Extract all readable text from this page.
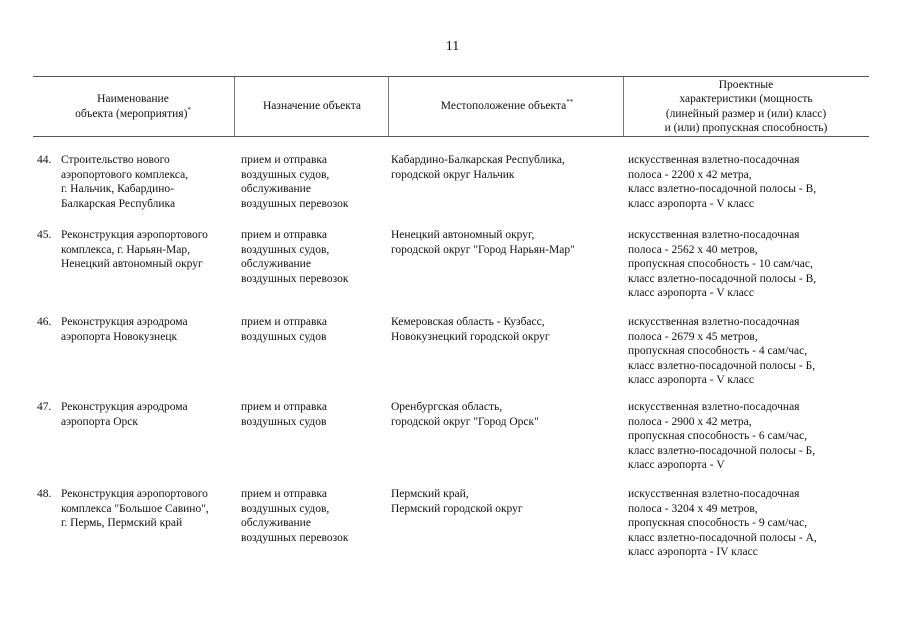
11
Наименование
объекта (мероприятия)*	Назначение объекта	Местоположение объекта**
Проектные
характеристики (мощность
(линейный размер и (или) класс)
и (или) пропускная способность)
44. Строительство нового
аэропортового комплекса,
г. Нальчик, Кабардино-
Балкарская Республика
прием и отправка
воздушных судов,
обслуживание
воздушных перевозок
Кабардино-Балкарская Республика,
городской округ Нальчик
искусственная взлетно-посадочная
полоса - 2200 х 42 метра,
класс взлетно-посадочной полосы - В,
класс аэропорта - V класс
45. Реконструкция аэропортового
комплекса, г. Нарьян-Мар,
Ненецкий автономный округ
прием и отправка
воздушных судов,
обслуживание
воздушных перевозок
Ненецкий автономный округ,
городской округ "Город Нарьян-Мар"
искусственная взлетно-посадочная
полоса - 2562 х 40 метров,
пропускная способность - 10 сам/час,
класс взлетно-посадочной полосы - В,
класс аэропорта - V класс
46. Реконструкция аэродрома
аэропорта Новокузнецк
прием и отправка
воздушных судов
Кемеровская область - Кузбасс,
Новокузнецкий городской округ
искусственная взлетно-посадочная
полоса - 2679 х 45 метров,
пропускная способность - 4 сам/час,
класс взлетно-посадочной полосы - Б,
класс аэропорта - V класс
47. Реконструкция аэродрома
аэропорта Орск
прием и отправка
воздушных судов
Оренбургская область,
городской округ "Город Орск"
искусственная взлетно-посадочная
полоса - 2900 х 42 метра,
пропускная способность - 6 сам/час,
класс взлетно-посадочной полосы - Б,
класс аэропорта - V
48. Реконструкция аэропортового
комплекса "Большое Савино",
г. Пермь, Пермский край
прием и отправка
воздушных судов,
обслуживание
воздушных перевозок
Пермский край,
Пермский городской округ
искусственная взлетно-посадочная
полоса - 3204 х 49 метров,
пропускная способность - 9 сам/час,
класс взлетно-посадочной полосы - А,
класс аэропорта - IV класс
